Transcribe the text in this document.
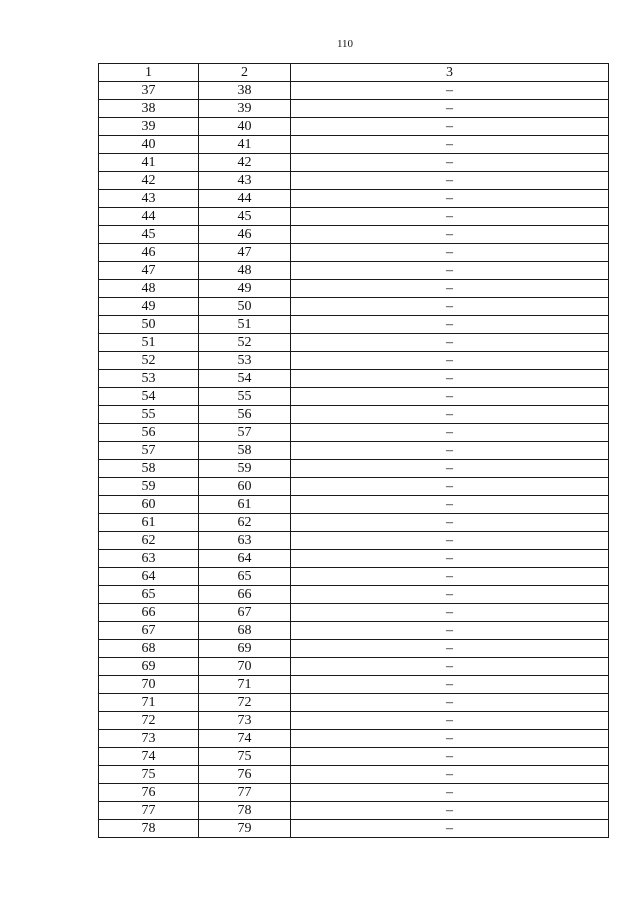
110
1	2	3
37	38	–
38	39	–
39	40	–
40	41	–
41	42	–
42	43	–
43	44	–
44	45	–
45	46	–
46	47	–
47	48	–
48	49	–
49	50	–
50	51	–
51	52	–
52	53	–
53	54	–
54	55	–
55	56	–
56	57	–
57	58	–
58	59	–
59	60	–
60	61	–
61	62	–
62	63	–
63	64	–
64	65	–
65	66	–
66	67	–
67	68	–
68	69	–
69	70	–
70	71	–
71	72	–
72	73	–
73	74	–
74	75	–
75	76	–
76	77	–
77	78	–
78	79	–
